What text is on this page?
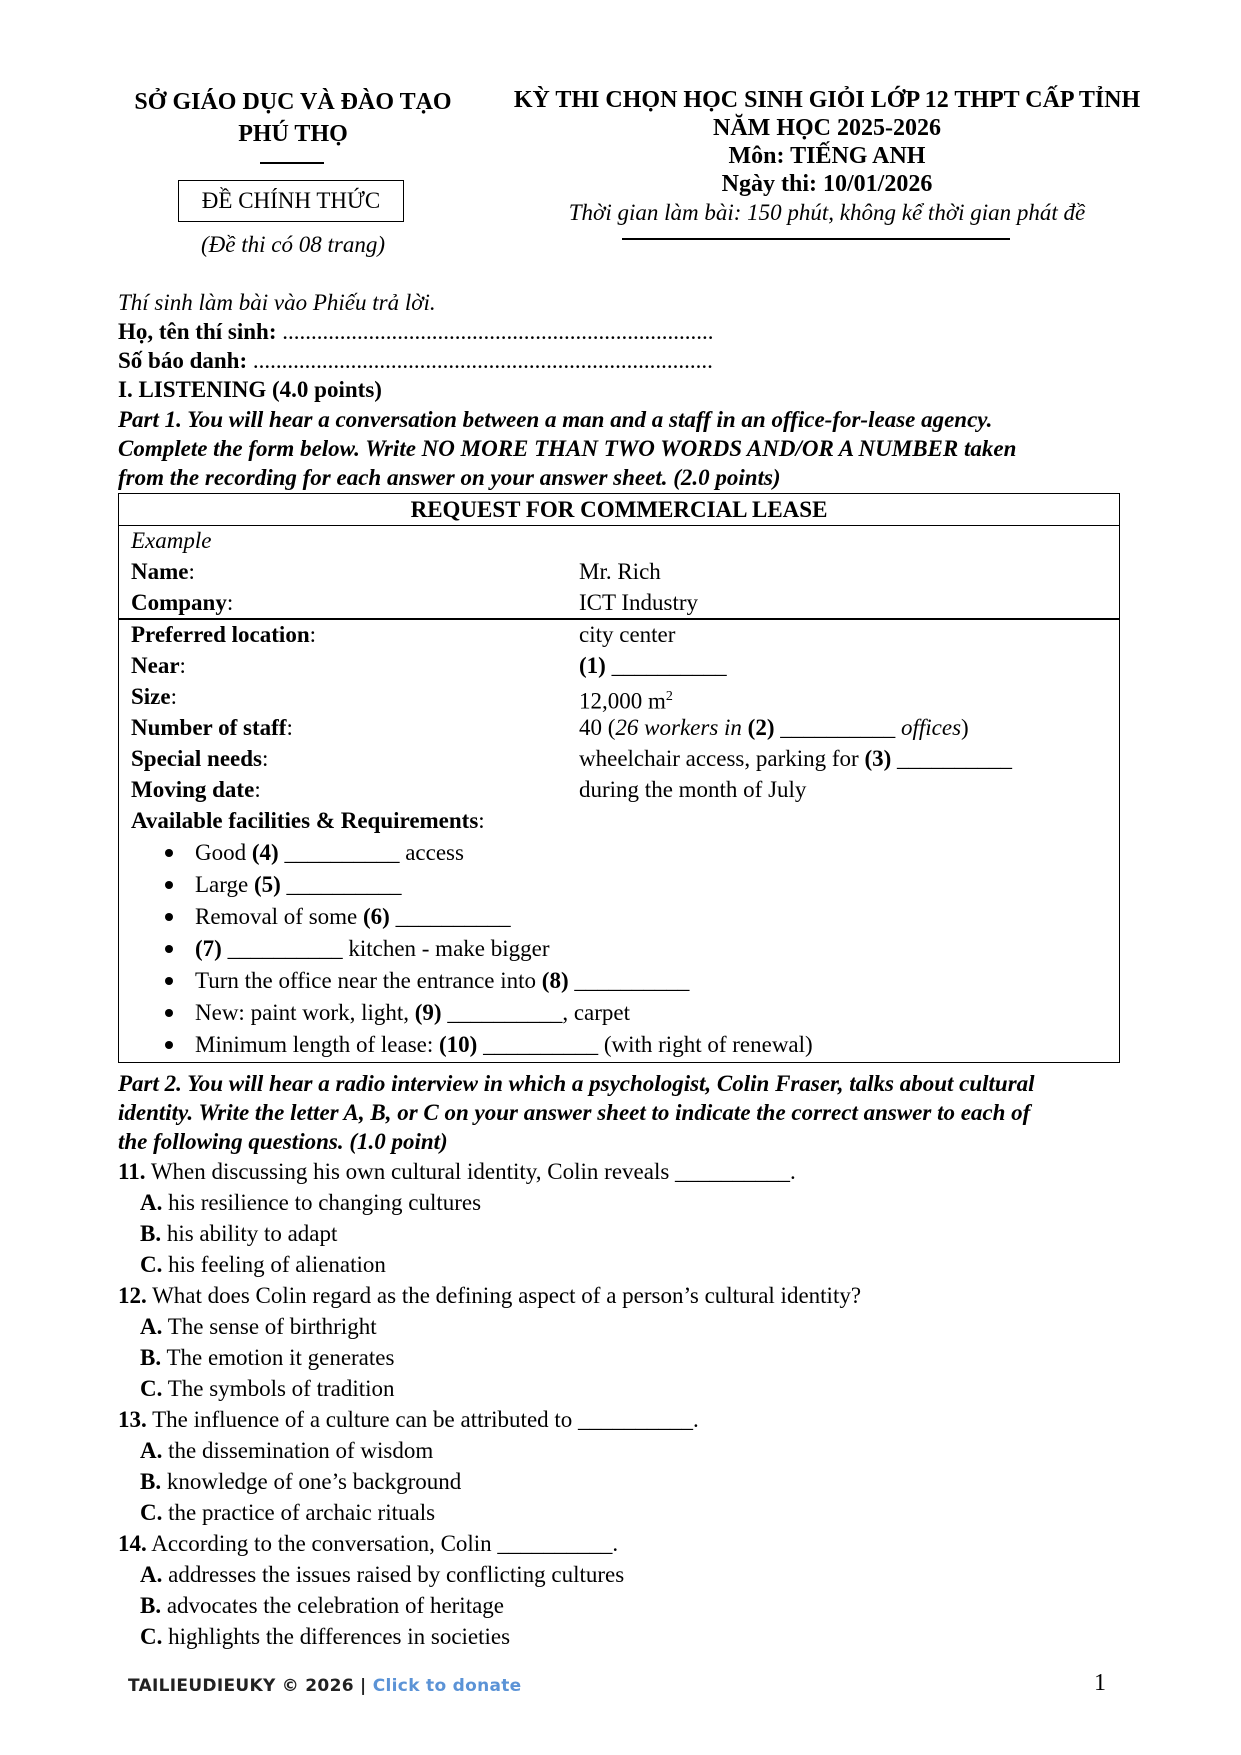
SỞ GIÁO DỤC VÀ ĐÀO TẠO
PHÚ THỌ
ĐỀ CHÍNH THỨC
(Đề thi có 08 trang)
KỲ THI CHỌN HỌC SINH GIỎI LỚP 12 THPT CẤP TỈNH
NĂM HỌC 2025-2026
Môn: TIẾNG ANH
Ngày thi: 10/01/2026
Thời gian làm bài: 150 phút, không kể thời gian phát đề
Thí sinh làm bài vào Phiếu trả lời.
Họ, tên thí sinh: ...........................................................................
Số báo danh: ................................................................................
I. LISTENING (4.0 points)
Part 1. You will hear a conversation between a man and a staff in an office-for-lease agency.
Complete the form below. Write NO MORE THAN TWO WORDS AND/OR A NUMBER taken
from the recording for each answer on your answer sheet. (2.0 points)
REQUEST FOR COMMERCIAL LEASE
Example
Name:	Mr. Rich
Company:	ICT Industry
Preferred location:	city center
Near:	(1) __________
Size:	12,000 $m^2$
Number of staff:	40 (26 workers in (2) __________ offices)
Special needs:	wheelchair access, parking for (3) __________
Moving date:	during the month of July
Available facilities & Requirements:
Good (4) __________ access
Large (5) __________
Removal of some (6) __________
(7) __________ kitchen - make bigger
Turn the office near the entrance into (8) __________
New: paint work, light, (9) __________, carpet
Minimum length of lease: (10) __________ (with right of renewal)
Part 2. You will hear a radio interview in which a psychologist, Colin Fraser, talks about cultural
identity. Write the letter A, B, or C on your answer sheet to indicate the correct answer to each of
the following questions. (1.0 point)
11. When discussing his own cultural identity, Colin reveals __________.
A. his resilience to changing cultures
B. his ability to adapt
C. his feeling of alienation
12. What does Colin regard as the defining aspect of a person’s cultural identity?
A. The sense of birthright
B. The emotion it generates
C. The symbols of tradition
13. The influence of a culture can be attributed to __________.
A. the dissemination of wisdom
B. knowledge of one’s background
C. the practice of archaic rituals
14. According to the conversation, Colin __________.
A. addresses the issues raised by conflicting cultures
B. advocates the celebration of heritage
C. highlights the differences in societies
TAILIEUDIEUKY © 2026 | Click to donate	1
